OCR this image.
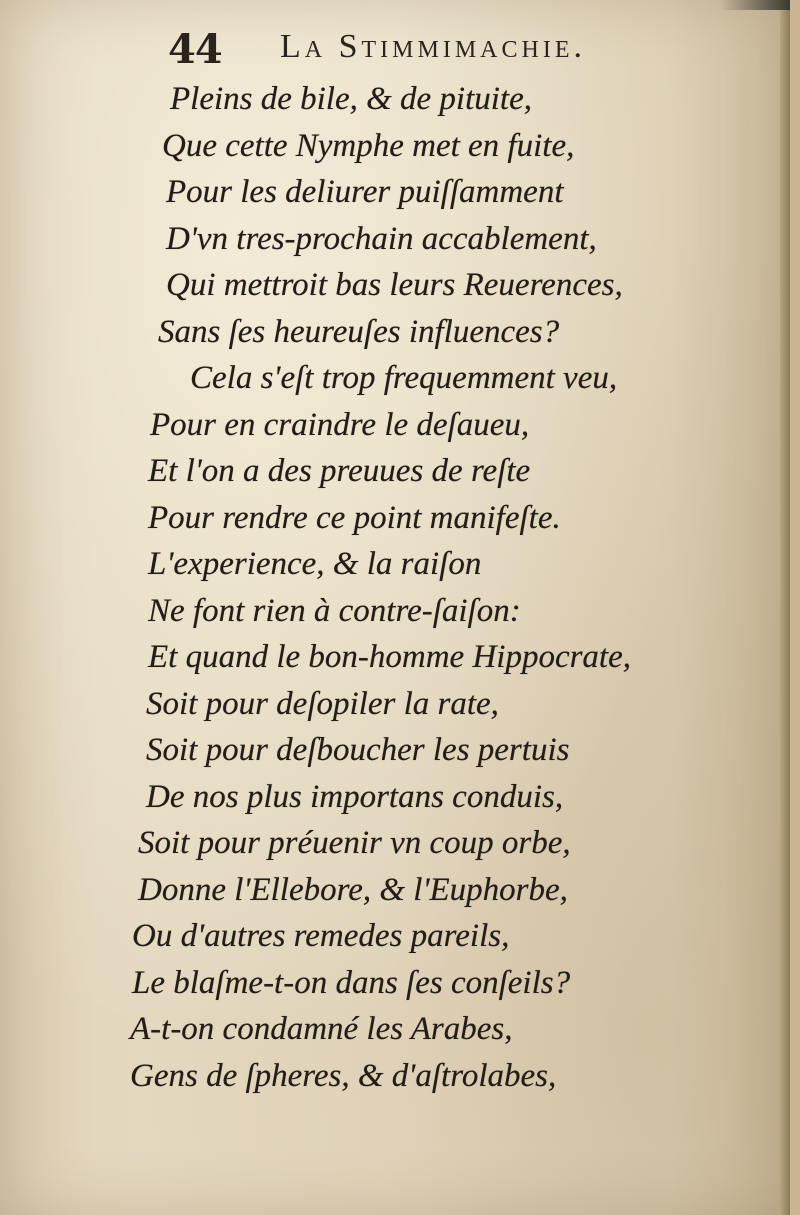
44 La Stimmimachie.
Pleins de bile, & de pituite,
Que cette Nymphe met en fuite,
Pour les deliurer puiſſamment
D'vn tres-prochain accablement,
Qui mettroit bas leurs Reuerences,
Sans ſes heureuſes influences?
Cela s'eſt trop frequemment veu,
Pour en craindre le deſaueu,
Et l'on a des preuues de reſte
Pour rendre ce point manifeſte.
L'experience, & la raiſon
Ne font rien à contre-ſaiſon:
Et quand le bon-homme Hippocrate,
Soit pour deſopiler la rate,
Soit pour deſboucher les pertuis
De nos plus importans conduis,
Soit pour préuenir vn coup orbe,
Donne l'Ellebore, & l'Euphorbe,
Ou d'autres remedes pareils,
Le blaſme-t-on dans ſes conſeils?
A-t-on condamné les Arabes,
Gens de ſpheres, & d'aſtrolabes,
